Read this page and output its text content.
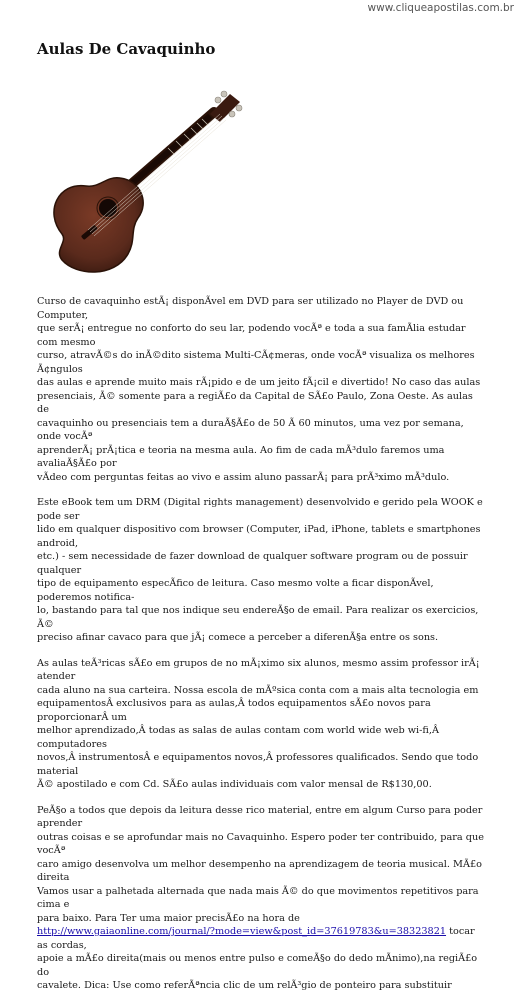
www.cliqueapostilas.com.br
Aulas De Cavaquinho

Curso de cavaquinho estÃ¡ disponÃvel em DVD para ser utilizado no Player de DVD ou Computer,
que serÃ¡ entregue no conforto do seu lar, podendo vocÃª e toda a sua famÃlia estudar com mesmo
curso, atravÃ©s do inÃ©dito sistema Multi-CÃ¢meras, onde vocÃª visualiza os melhores Ã¢ngulos
das aulas e aprende muito mais rÃ¡pido e de um jeito fÃ¡cil e divertido! No caso das aulas
presenciais, Ã© somente para a regiÃ£o da Capital de SÃ£o Paulo, Zona Oeste. As aulas de
cavaquinho ou presenciais tem a duraÃ§Ã£o de 50 Ã 60 minutos, uma vez por semana, onde vocÃª
aprenderÃ¡ prÃ¡tica e teoria na mesma aula. Ao fim de cada mÃ³dulo faremos uma avaliaÃ§Ã£o por
vÃdeo com perguntas feitas ao vivo e assim aluno passarÃ¡ para prÃ³ximo mÃ³dulo.

Este eBook tem um DRM (Digital rights management) desenvolvido e gerido pela WOOK e pode ser
lido em qualquer dispositivo com browser (Computer, iPad, iPhone, tablets e smartphones android,
etc.) - sem necessidade de fazer download de qualquer software program ou de possuir qualquer
tipo de equipamento especÃfico de leitura. Caso mesmo volte a ficar disponÃvel, poderemos notifica-
lo, bastando para tal que nos indique seu endereÃ§o de email. Para realizar os exercicios, Ã©
preciso afinar cavaco para que jÃ¡ comece a perceber a diferenÃ§a entre os sons.

As aulas teÃ³ricas sÃ£o em grupos de no mÃ¡ximo six alunos, mesmo assim professor irÃ¡ atender
cada aluno na sua carteira. Nossa escola de mÃºsica conta com a mais alta tecnologia em
equipamentosÂ exclusivos para as aulas,Â todos equipamentos sÃ£o novos para proporcionarÂ um
melhor aprendizado,Â todas as salas de aulas contam com world wide web wi-fi,Â computadores
novos,Â instrumentosÂ e equipamentos novos,Â professores qualificados. Sendo que todo material
Ã© apostilado e com Cd. SÃ£o aulas individuais com valor mensal de R$130,00.

PeÃ§o a todos que depois da leitura desse rico material, entre em algum Curso para poder aprender
outras coisas e se aprofundar mais no Cavaquinho. Espero poder ter contribuido, para que vocÃª
caro amigo desenvolva um melhor desempenho na aprendizagem de teoria musical. MÃ£o direita
Vamos usar a palhetada alternada que nada mais Ã© do que movimentos repetitivos para cima e
para baixo. Para Ter uma maior precisÃ£o na hora de
http://www.gaiaonline.com/journal/?mode=view&post_id=37619783&u=38323821 tocar as cordas,
apoie a mÃ£o direita(mais ou menos entre pulso e comeÃ§o do dedo mÃnimo),na regiÃ£o do
cavalete. Dica: Use como referÃªncia clic de um relÃ³gio de ponteiro para substituir
